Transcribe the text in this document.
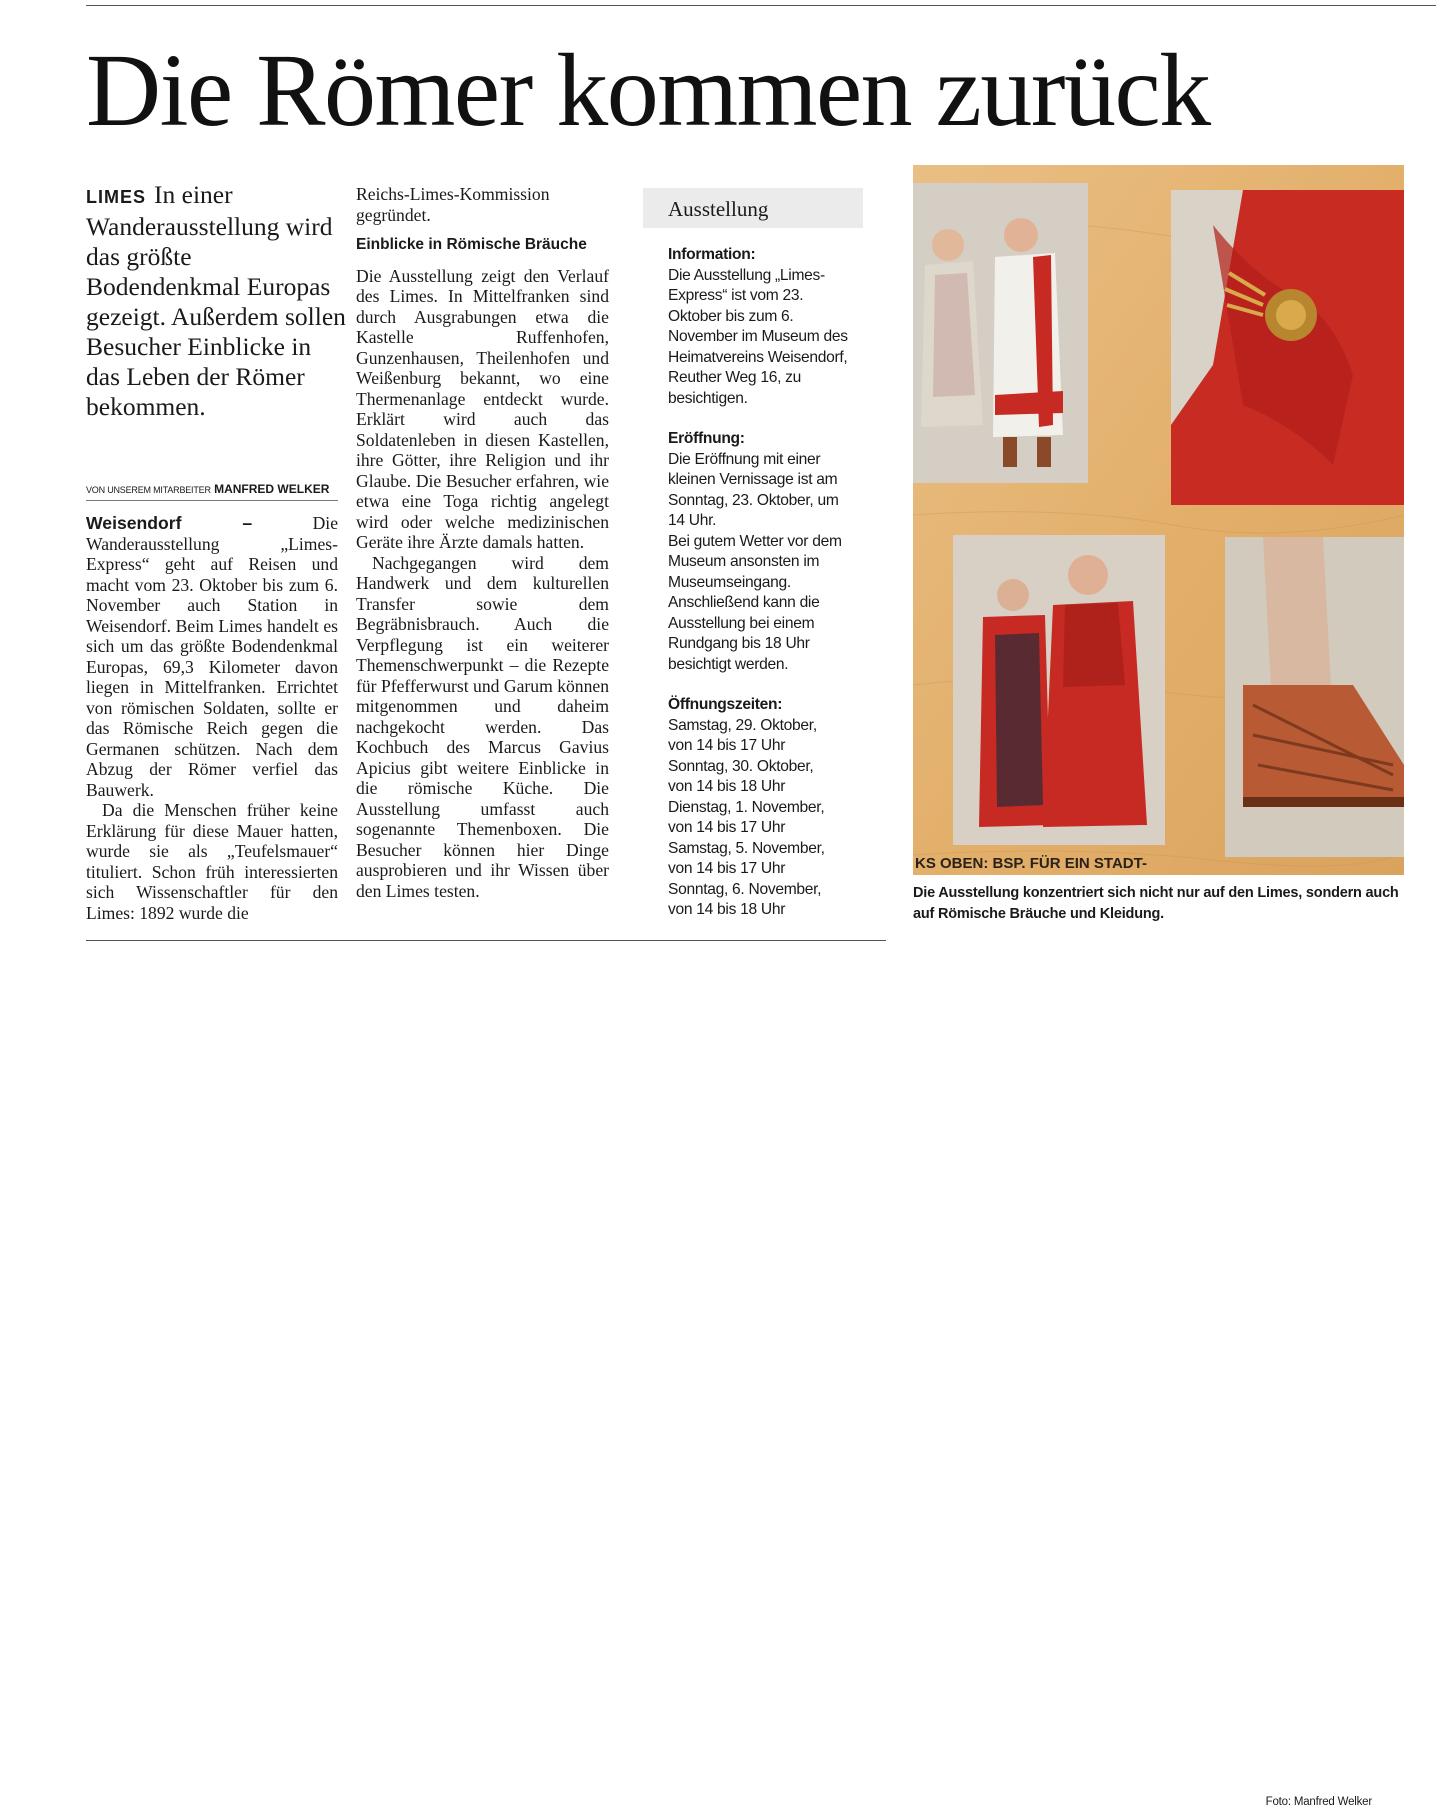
Die Römer kommen zurück
LIMES In einer Wanderausstellung wird das größte Bodendenkmal Europas gezeigt. Außerdem sollen Besucher Einblicke in das Leben der Römer bekommen.
VON UNSEREM MITARBEITER MANFRED WELKER

Weisendorf –	Die Wanderausstellung „Limes-Express“ geht auf Reisen und macht vom 23. Oktober bis zum 6. November auch Station in Weisendorf. Beim Limes handelt es sich um das größte Bodendenkmal Europas, 69,3 Kilometer davon liegen in Mittelfranken. Errichtet von römischen Soldaten, sollte er das Römische Reich gegen die Germanen schützen. Nach dem Abzug der Römer verfiel das Bauwerk.

Da die Menschen früher keine Erklärung für diese Mauer hatten, wurde sie als „Teufelsmauer“ tituliert. Schon früh interessierten sich Wissenschaftler für den Limes: 1892 wurde die

Reichs-Limes-Kommission gegründet.

Einblicke in Römische Bräuche

Die Ausstellung zeigt den Verlauf des Limes. In Mittelfranken sind durch Ausgrabungen etwa die Kastelle Ruffenhofen, Gunzenhausen, Theilenhofen und Weißenburg bekannt, wo eine Thermenanlage entdeckt wurde. Erklärt wird auch das Soldatenleben in diesen Kastellen, ihre Götter, ihre Religion und ihr Glaube. Die Besucher erfahren, wie etwa eine Toga richtig angelegt wird oder welche medizinischen Geräte ihre Ärzte damals hatten.

Nachgegangen wird dem Handwerk und dem kulturellen Transfer sowie dem Begräbnisbrauch. Auch die Verpflegung ist ein weiterer Themenschwerpunkt – die Rezepte für Pfefferwurst und Garum können mitgenommen und daheim nachgekocht werden. Das Kochbuch des Marcus Gavius Apicius gibt weitere Einblicke in die römische Küche. Die Ausstellung umfasst auch sogenannte Themenboxen. Die Besucher können hier Dinge ausprobieren und ihr Wissen über den Limes testen.

Ausstellung
Information:
Die Ausstellung „Limes-Express“ ist vom 23. Oktober bis zum 6. November im Museum des Heimatvereins Weisendorf, Reuther Weg 16, zu besichtigen.
Eröffnung:
Die Eröffnung mit einer kleinen Vernissage ist am Sonntag, 23. Oktober, um 14 Uhr.
Bei gutem Wetter vor dem Museum ansonsten im Museumseingang.
Anschließend kann die Ausstellung bei einem Rundgang bis 18 Uhr besichtigt werden.
Öffnungszeiten:
Samstag, 29. Oktober,
von 14 bis 17 Uhr
Sonntag, 30. Oktober,
von 14 bis 18 Uhr
Dienstag, 1. November,
von 14 bis 17 Uhr
Samstag, 5. November,
von 14 bis 17 Uhr
Sonntag, 6. November,
von 14 bis 18 Uhr
KS OBEN: BSP. FÜR EIN STADT-
Die Ausstellung konzentriert sich nicht nur auf den Limes, sondern auch auf Römische Bräuche und Kleidung.
Foto: Manfred Welker
